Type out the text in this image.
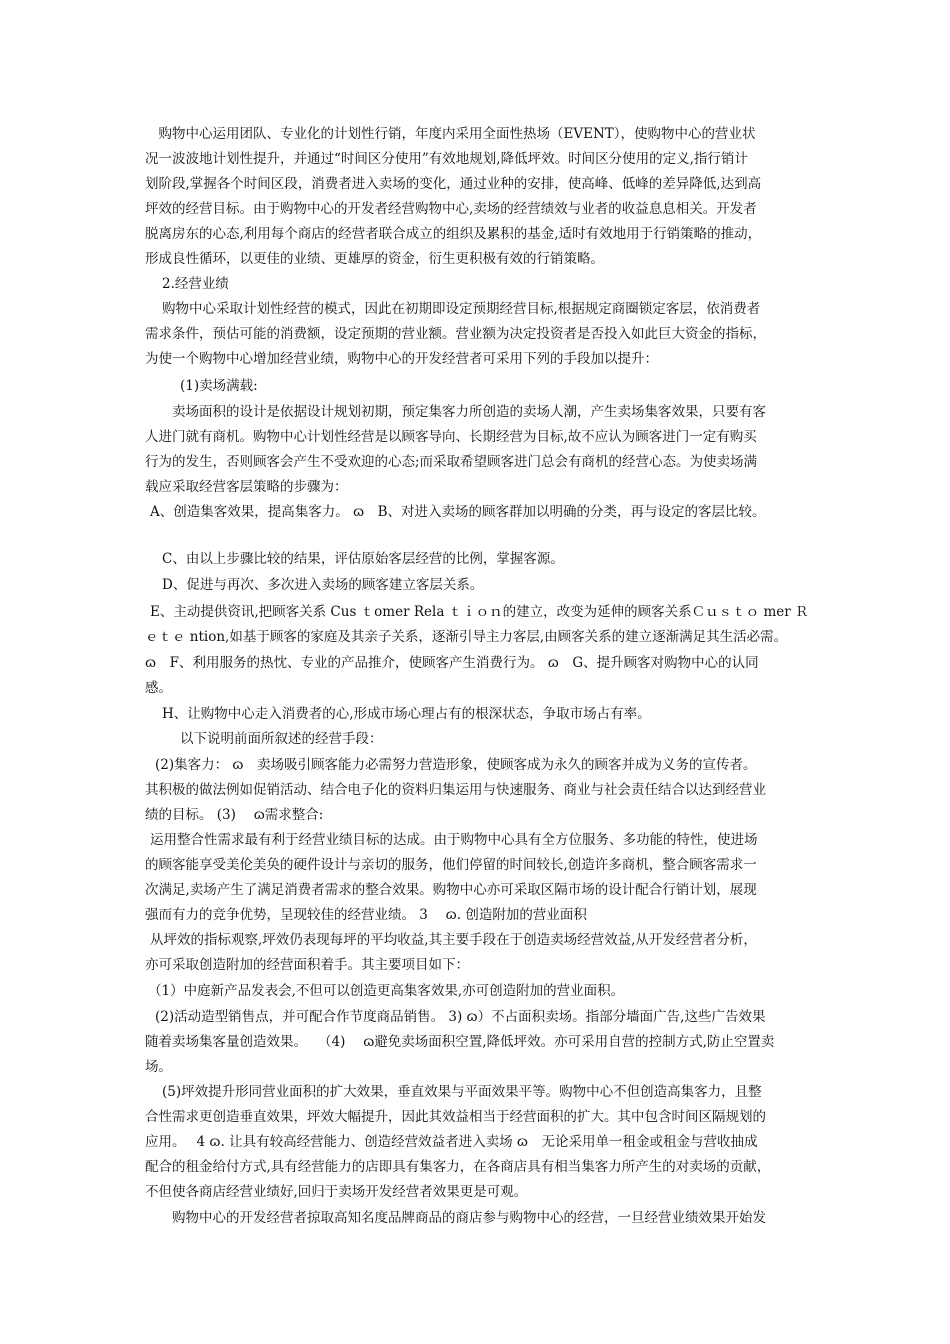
　购物中心运用团队、专业化的计划性行销，年度内采用全面性热场（EVENT），使购物中心的营业状
况一波波地计划性提升，并通过“时间区分使用”有效地规划,降低坪效。时间区分使用的定义,指行销计
划阶段,掌握各个时间区段，消费者进入卖场的变化，通过业种的安排，使高峰、低峰的差异降低,达到高
坪效的经营目标。由于购物中心的开发者经营购物中心,卖场的经营绩效与业者的收益息息相关。开发者
脱离房东的心态,利用每个商店的经营者联合成立的组织及累积的基金,适时有效地用于行销策略的推动，
形成良性循环，以更佳的业绩、更雄厚的资金，衍生更积极有效的行销策略。
2.经营业绩
购物中心采取计划性经营的模式，因此在初期即设定预期经营目标,根据规定商圈锁定客层，依消费者
需求条件，预估可能的消费额，设定预期的营业额。营业额为决定投资者是否投入如此巨大资金的指标，
为使一个购物中心增加经营业绩，购物中心的开发经营者可采用下列的手段加以提升：
(1)卖场满载:
卖场面积的设计是依据设计规划初期，预定集客力所创造的卖场人潮，产生卖场集客效果，只要有客
人进门就有商机。购物中心计划性经营是以顾客导向、长期经营为目标,故不应认为顾客进门一定有购买
行为的发生，否则顾客会产生不受欢迎的心态;而采取希望顾客进门总会有商机的经营心态。为使卖场满
载应采取经营客层策略的步骤为：
A、创造集客效果，提高集客力。 ɷ　B、对进入卖场的顾客群加以明确的分类，再与设定的客层比较。
C、由以上步骤比较的结果，评估原始客层经营的比例，掌握客源。
D、促进与再次、多次进入卖场的顾客建立客层关系。
E、主动提供资讯,把顾客关系 Cus ｔomer Rela ｔｉｏｎ的建立，改变为延伸的顾客关系Ｃｕｓｔｏ mer Ｒ
ｅｔｅ ntion,如基于顾客的家庭及其亲子关系，逐渐引导主力客层,由顾客关系的建立逐渐满足其生活必需。
ɷ　F、利用服务的热忱、专业的产品推介，使顾客产生消费行为。 ɷ　G、提升顾客对购物中心的认同
感。
H、让购物中心走入消费者的心,形成市场心理占有的根深状态，争取市场占有率。
以下说明前面所叙述的经营手段：
(2)集客力： ɷ　卖场吸引顾客能力必需努力营造形象，使顾客成为永久的顾客并成为义务的宣传者。
其积极的做法例如促销活动、结合电子化的资料归集运用与快速服务、商业与社会责任结合以达到经营业
绩的目标。 (3)　 ɷ需求整合:
运用整合性需求最有利于经营业绩目标的达成。由于购物中心具有全方位服务、多功能的特性，使进场
的顾客能享受美伦美奂的硬件设计与亲切的服务，他们停留的时间较长,创造许多商机，整合顾客需求一
次满足,卖场产生了满足消费者需求的整合效果。购物中心亦可采取区隔市场的设计配合行销计划，展现
强而有力的竞争优势，呈现较佳的经营业绩。 3　 ɷ. 创造附加的营业面积
从坪效的指标观察,坪效仍表现每坪的平均收益,其主要手段在于创造卖场经营效益,从开发经营者分析，
亦可采取创造附加的经营面积着手。其主要项目如下：
（1）中庭新产品发表会,不但可以创造更高集客效果,亦可创造附加的营业面积。
(2)活动造型销售点，并可配合作节度商品销售。 3) ɷ）不占面积卖场。指部分墙面广告,这些广告效果
随着卖场集客量创造效果。　 （4)　 ɷ避免卖场面积空置,降低坪效。亦可采用自营的控制方式,防止空置卖
场。
(5)坪效提升形同营业面积的扩大效果，垂直效果与平面效果平等。购物中心不但创造高集客力，且整
合性需求更创造垂直效果，坪效大幅提升，因此其效益相当于经营面积的扩大。其中包含时间区隔规划的
应用。　 4 ɷ. 让具有较高经营能力、创造经营效益者进入卖场 ɷ　无论采用单一租金或租金与营收抽成
配合的租金给付方式,具有经营能力的店即具有集客力，在各商店具有相当集客力所产生的对卖场的贡献，
不但使各商店经营业绩好,回归于卖场开发经营者效果更是可观。
购物中心的开发经营者掠取高知名度品牌商品的商店参与购物中心的经营，一旦经营业绩效果开始发
